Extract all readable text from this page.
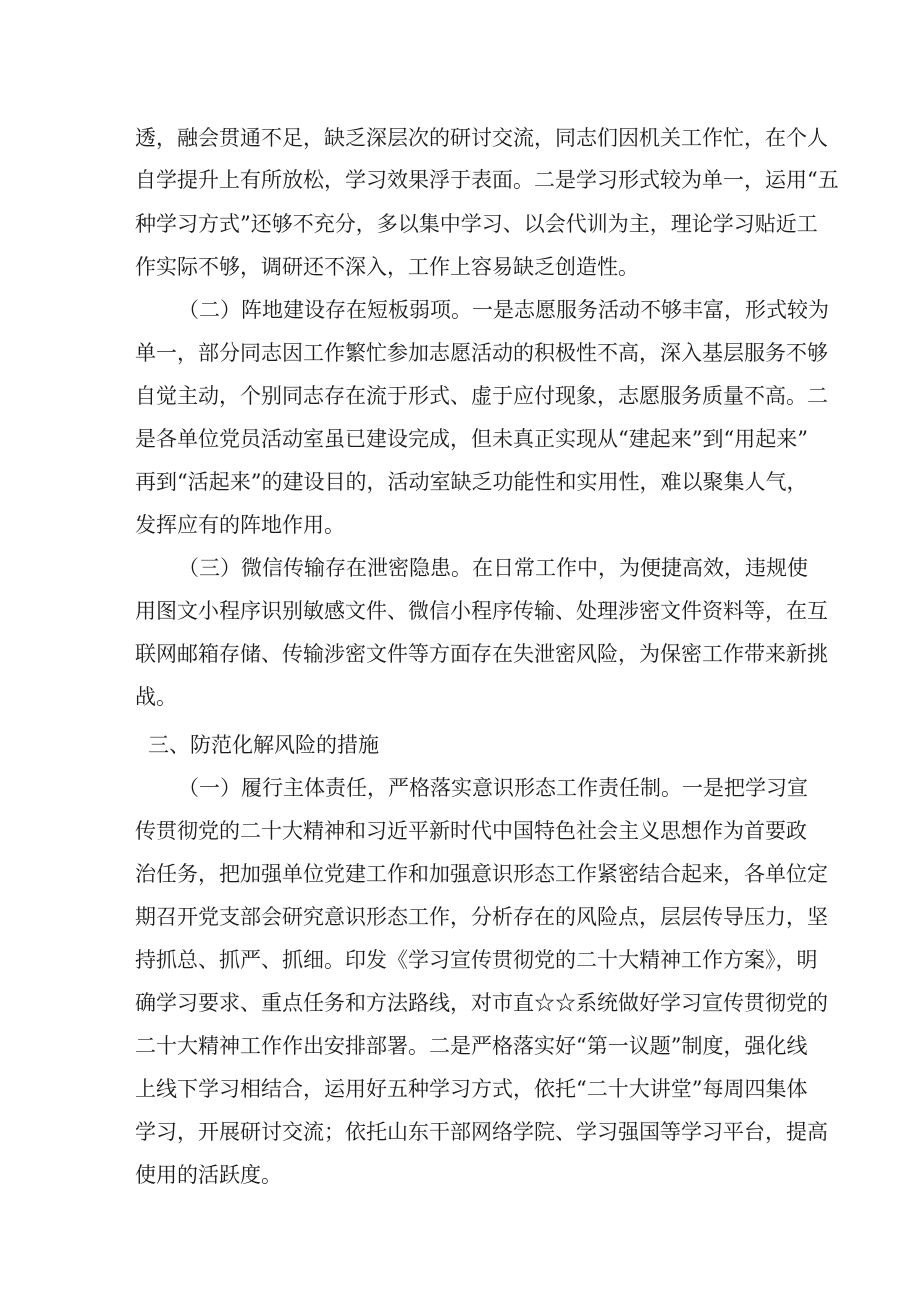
透，融会贯通不足，缺乏深层次的研讨交流，同志们因机关工作忙，在个人
自学提升上有所放松，学习效果浮于表面。二是学习形式较为单一，运用“五
种学习方式”还够不充分，多以集中学习、以会代训为主，理论学习贴近工
作实际不够，调研还不深入，工作上容易缺乏创造性。
（二）阵地建设存在短板弱项。一是志愿服务活动不够丰富，形式较为
单一，部分同志因工作繁忙参加志愿活动的积极性不高，深入基层服务不够
自觉主动，个别同志存在流于形式、虚于应付现象，志愿服务质量不高。二
是各单位党员活动室虽已建设完成，但未真正实现从“建起来”到“用起来”
再到“活起来”的建设目的，活动室缺乏功能性和实用性，难以聚集人气，
发挥应有的阵地作用。
（三）微信传输存在泄密隐患。在日常工作中，为便捷高效，违规使
用图文小程序识别敏感文件、微信小程序传输、处理涉密文件资料等，在互
联网邮箱存储、传输涉密文件等方面存在失泄密风险，为保密工作带来新挑
战。
三、防范化解风险的措施
（一）履行主体责任，严格落实意识形态工作责任制。一是把学习宣
传贯彻党的二十大精神和习近平新时代中国特色社会主义思想作为首要政
治任务，把加强单位党建工作和加强意识形态工作紧密结合起来，各单位定
期召开党支部会研究意识形态工作，分析存在的风险点，层层传导压力，坚
持抓总、抓严、抓细。印发《学习宣传贯彻党的二十大精神工作方案》，明
确学习要求、重点任务和方法路线，对市直☆☆系统做好学习宣传贯彻党的
二十大精神工作作出安排部署。二是严格落实好“第一议题”制度，强化线
上线下学习相结合，运用好五种学习方式，依托“二十大讲堂”每周四集体
学习，开展研讨交流；依托山东干部网络学院、学习强国等学习平台，提高
使用的活跃度。
